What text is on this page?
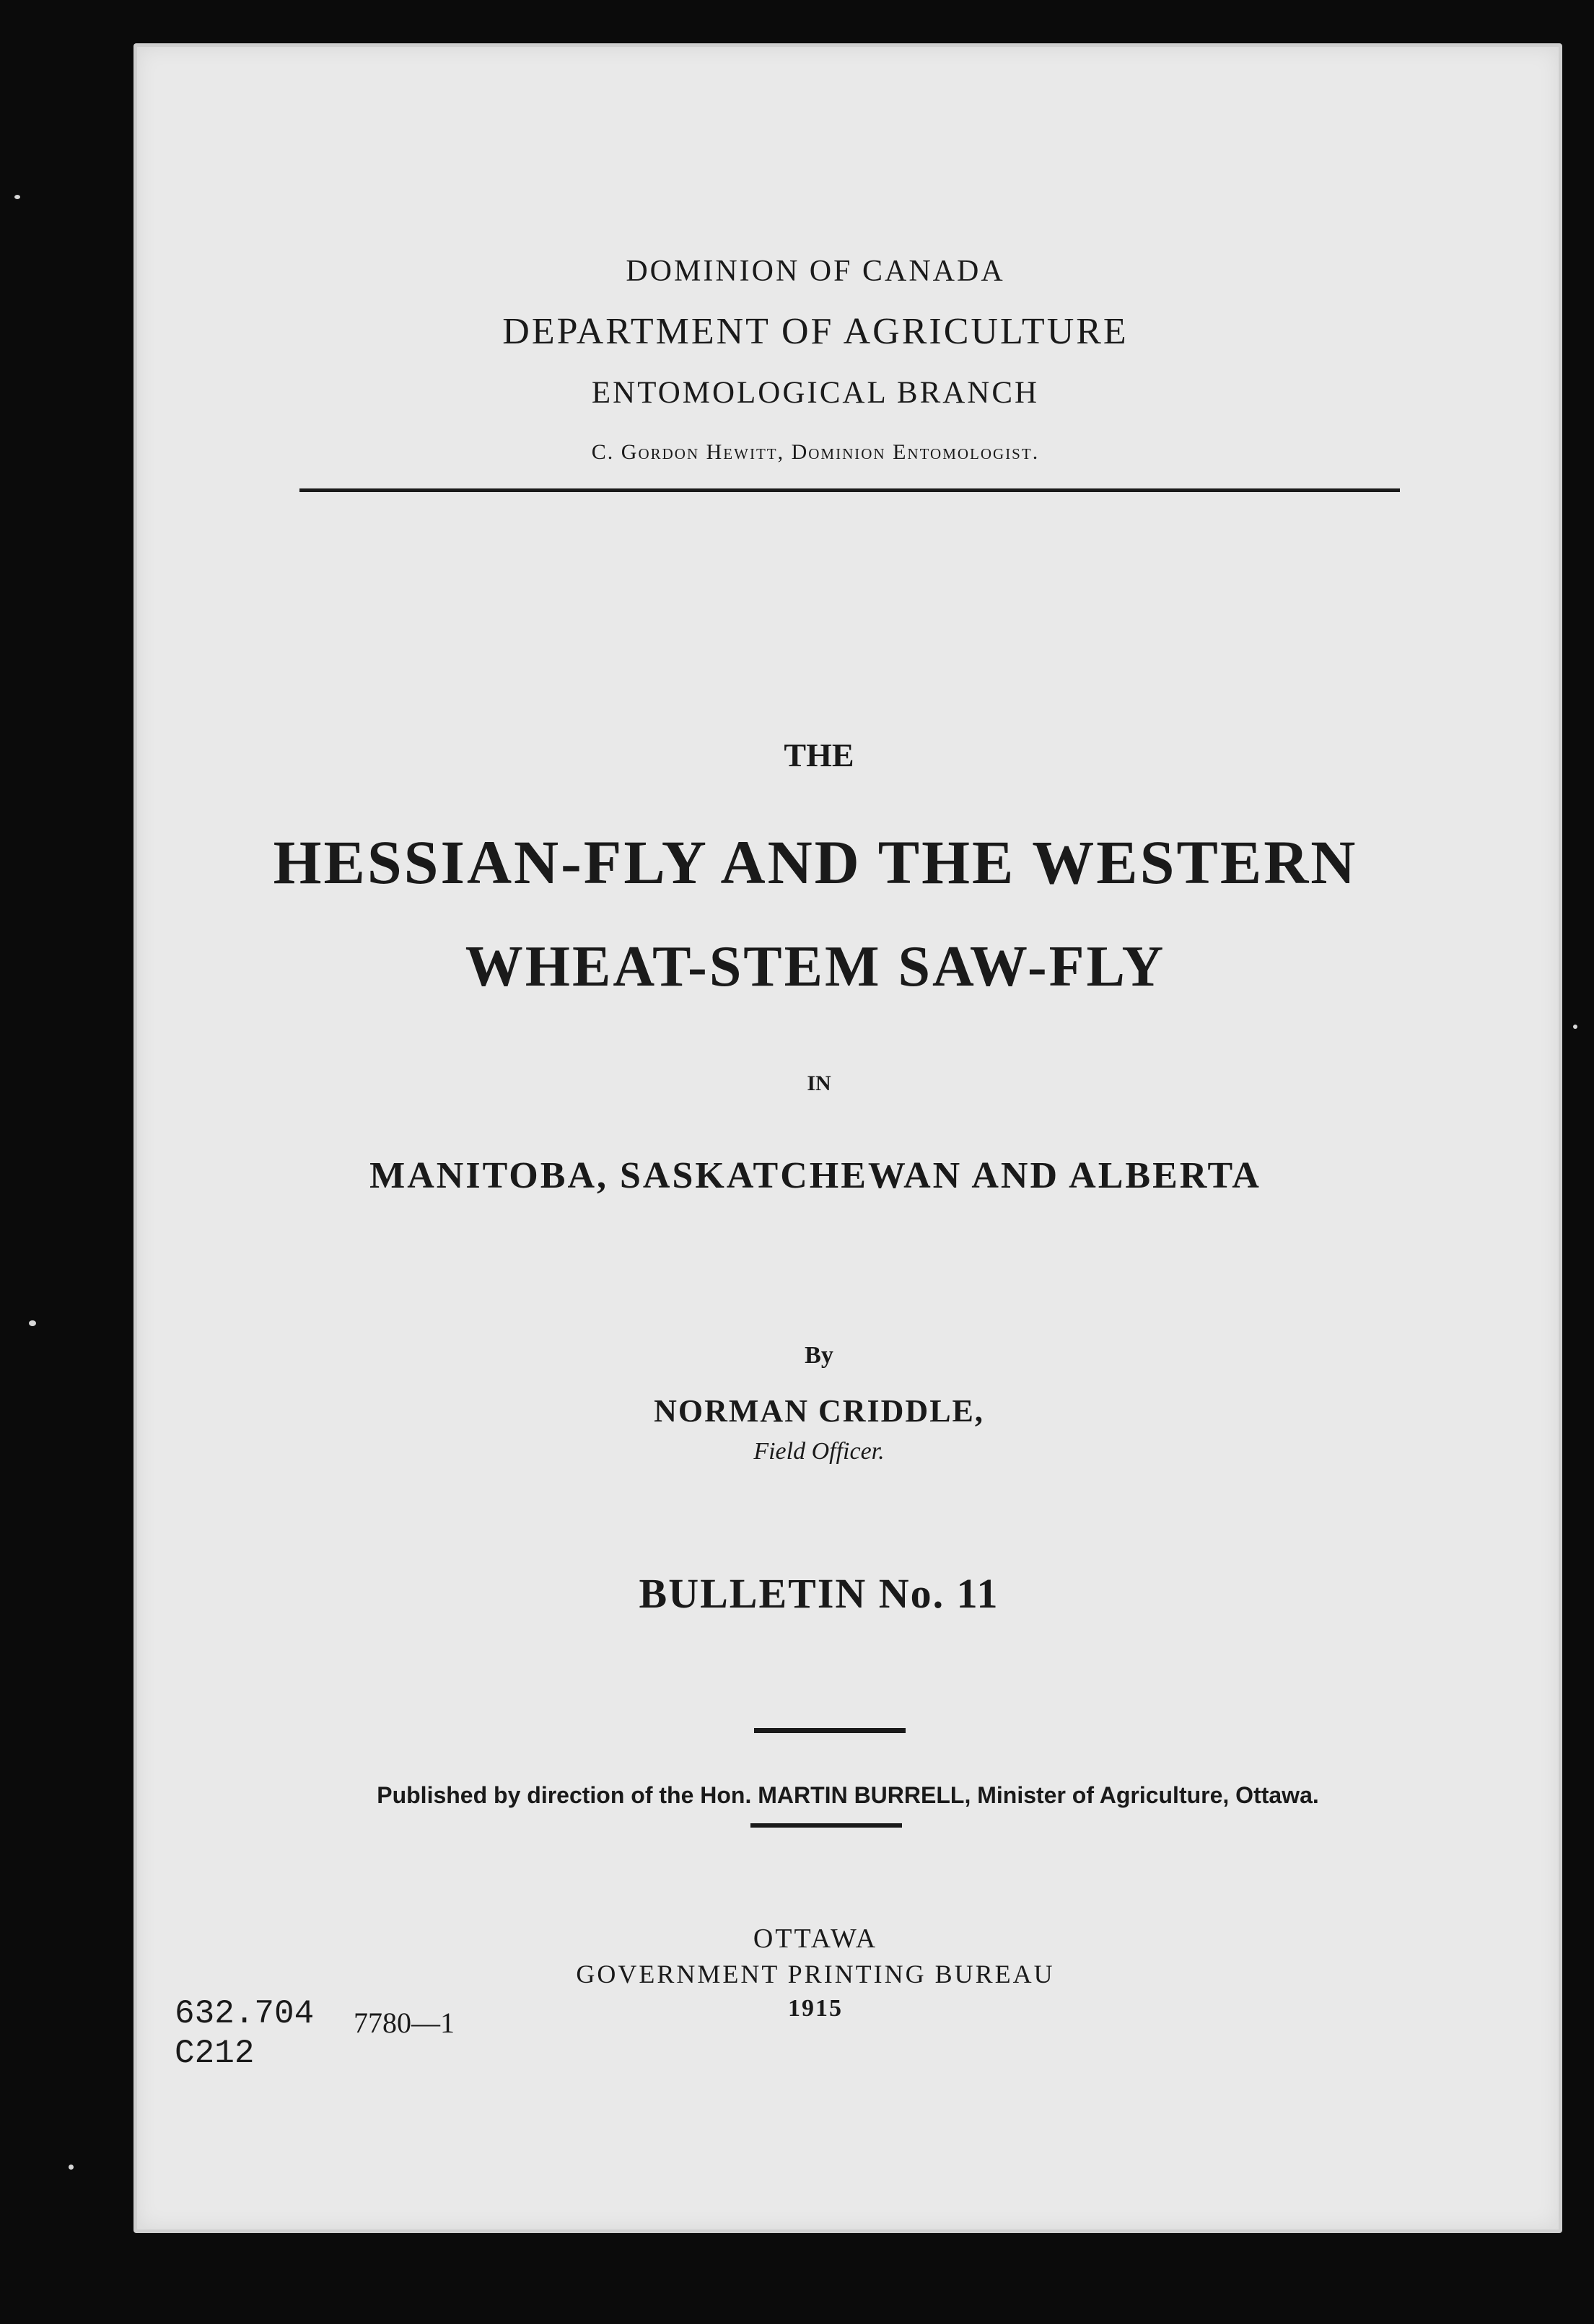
DOMINION OF CANADA
DEPARTMENT OF AGRICULTURE
ENTOMOLOGICAL BRANCH
C. Gordon Hewitt, Dominion Entomologist.
THE
HESSIAN-FLY AND THE WESTERN
WHEAT-STEM SAW-FLY
IN
MANITOBA, SASKATCHEWAN AND ALBERTA
By
NORMAN CRIDDLE,
Field Officer.
BULLETIN No. 11
Published by direction of the Hon. MARTIN BURRELL, Minister of Agriculture, Ottawa.
OTTAWA
GOVERNMENT PRINTING BUREAU
1915
632.704
C212
7780—1
